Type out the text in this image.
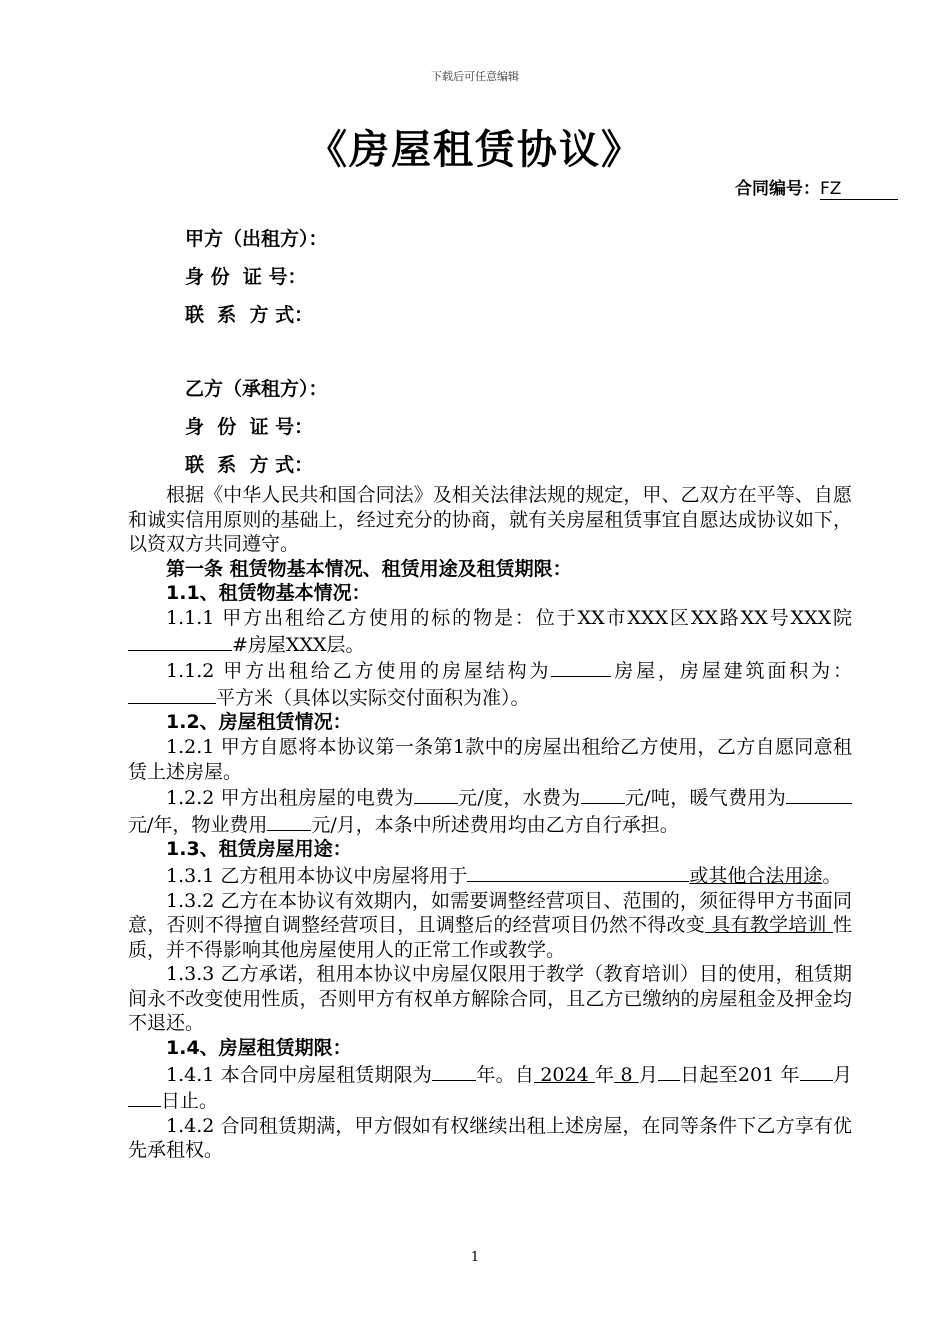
下载后可任意编辑
《房屋租赁协议》
合同编号：FZ
甲方（出租方）：
身 份  证 号：
联  系  方 式：
乙方（承租方）：
身  份  证 号：
联  系  方 式：

根据《中华人民共和国合同法》及相关法律法规的规定，甲、乙双方在平等、自愿和诚实信用原则的基础上，经过充分的协商，就有关房屋租赁事宜自愿达成协议如下，以资双方共同遵守。

第一条 租赁物基本情况、租赁用途及租赁期限：

1.1、租赁物基本情况：

1.1.1 甲方出租给乙方使用的标的物是：位于XX市XXX区XX路XX号XXX院#房屋XXX层。

1.1.2 甲方出租给乙方使用的房屋结构为	房屋，房屋建筑面积为：平方米（具体以实际交付面积为准）。

1.2、房屋租赁情况：

1.2.1 甲方自愿将本协议第一条第1款中的房屋出租给乙方使用，乙方自愿同意租赁上述房屋。

1.2.2 甲方出租房屋的电费为 元/度，水费为 元/吨，暖气费用为元/年，物业费用 元/月，本条中所述费用均由乙方自行承担。

1.3、租赁房屋用途：

1.3.1 乙方租用本协议中房屋将用于	或其他合法用途。

1.3.2 乙方在本协议有效期内，如需要调整经营项目、范围的，须征得甲方书面同意，否则不得擅自调整经营项目，且调整后的经营项目仍然不得改变 具有教学培训 性质，并不得影响其他房屋使用人的正常工作或教学。

1.3.3 乙方承诺，租用本协议中房屋仅限用于教学（教育培训）目的使用，租赁期间永不改变使用性质，否则甲方有权单方解除合同，且乙方已缴纳的房屋租金及押金均不退还。

1.4、房屋租赁期限：

1.4.1 本合同中房屋租赁期限为 年。自 2024 年 8 月 日起至201 年 月日止。

1.4.2 合同租赁期满，甲方假如有权继续出租上述房屋，在同等条件下乙方享有优先承租权。

1
